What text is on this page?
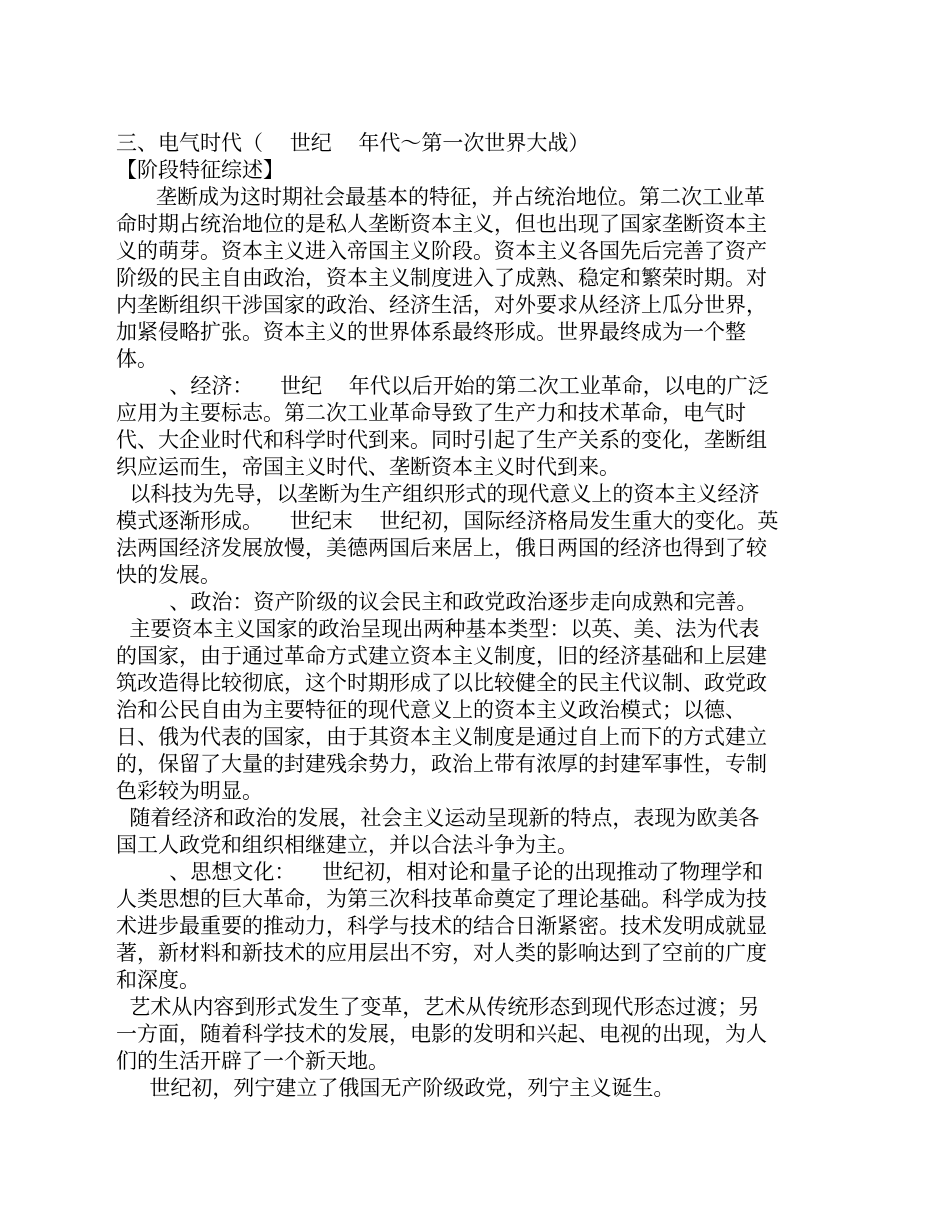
三、电气时代（    世纪    年代～第一次世界大战）
【阶段特征综述】
垄断成为这时期社会最基本的特征，并占统治地位。第二次工业革
命时期占统治地位的是私人垄断资本主义，但也出现了国家垄断资本主
义的萌芽。资本主义进入帝国主义阶段。资本主义各国先后完善了资产
阶级的民主自由政治，资本主义制度进入了成熟、稳定和繁荣时期。对
内垄断组织干涉国家的政治、经济生活，对外要求从经济上瓜分世界，
加紧侵略扩张。资本主义的世界体系最终形成。世界最终成为一个整
体。
、经济：    世纪    年代以后开始的第二次工业革命，以电的广泛
应用为主要标志。第二次工业革命导致了生产力和技术革命，电气时
代、大企业时代和科学时代到来。同时引起了生产关系的变化，垄断组
织应运而生，帝国主义时代、垄断资本主义时代到来。
以科技为先导，以垄断为生产组织形式的现代意义上的资本主义经济
模式逐渐形成。    世纪末    世纪初，国际经济格局发生重大的变化。英
法两国经济发展放慢，美德两国后来居上，俄日两国的经济也得到了较
快的发展。
、政治：资产阶级的议会民主和政党政治逐步走向成熟和完善。
主要资本主义国家的政治呈现出两种基本类型：以英、美、法为代表
的国家，由于通过革命方式建立资本主义制度，旧的经济基础和上层建
筑改造得比较彻底，这个时期形成了以比较健全的民主代议制、政党政
治和公民自由为主要特征的现代意义上的资本主义政治模式；以德、
日、俄为代表的国家，由于其资本主义制度是通过自上而下的方式建立
的，保留了大量的封建残余势力，政治上带有浓厚的封建军事性，专制
色彩较为明显。
随着经济和政治的发展，社会主义运动呈现新的特点，表现为欧美各
国工人政党和组织相继建立，并以合法斗争为主。
、思想文化：    世纪初，相对论和量子论的出现推动了物理学和
人类思想的巨大革命，为第三次科技革命奠定了理论基础。科学成为技
术进步最重要的推动力，科学与技术的结合日渐紧密。技术发明成就显
著，新材料和新技术的应用层出不穷，对人类的影响达到了空前的广度
和深度。
艺术从内容到形式发生了变革，艺术从传统形态到现代形态过渡；另
一方面，随着科学技术的发展，电影的发明和兴起、电视的出现，为人
们的生活开辟了一个新天地。
世纪初，列宁建立了俄国无产阶级政党，列宁主义诞生。
